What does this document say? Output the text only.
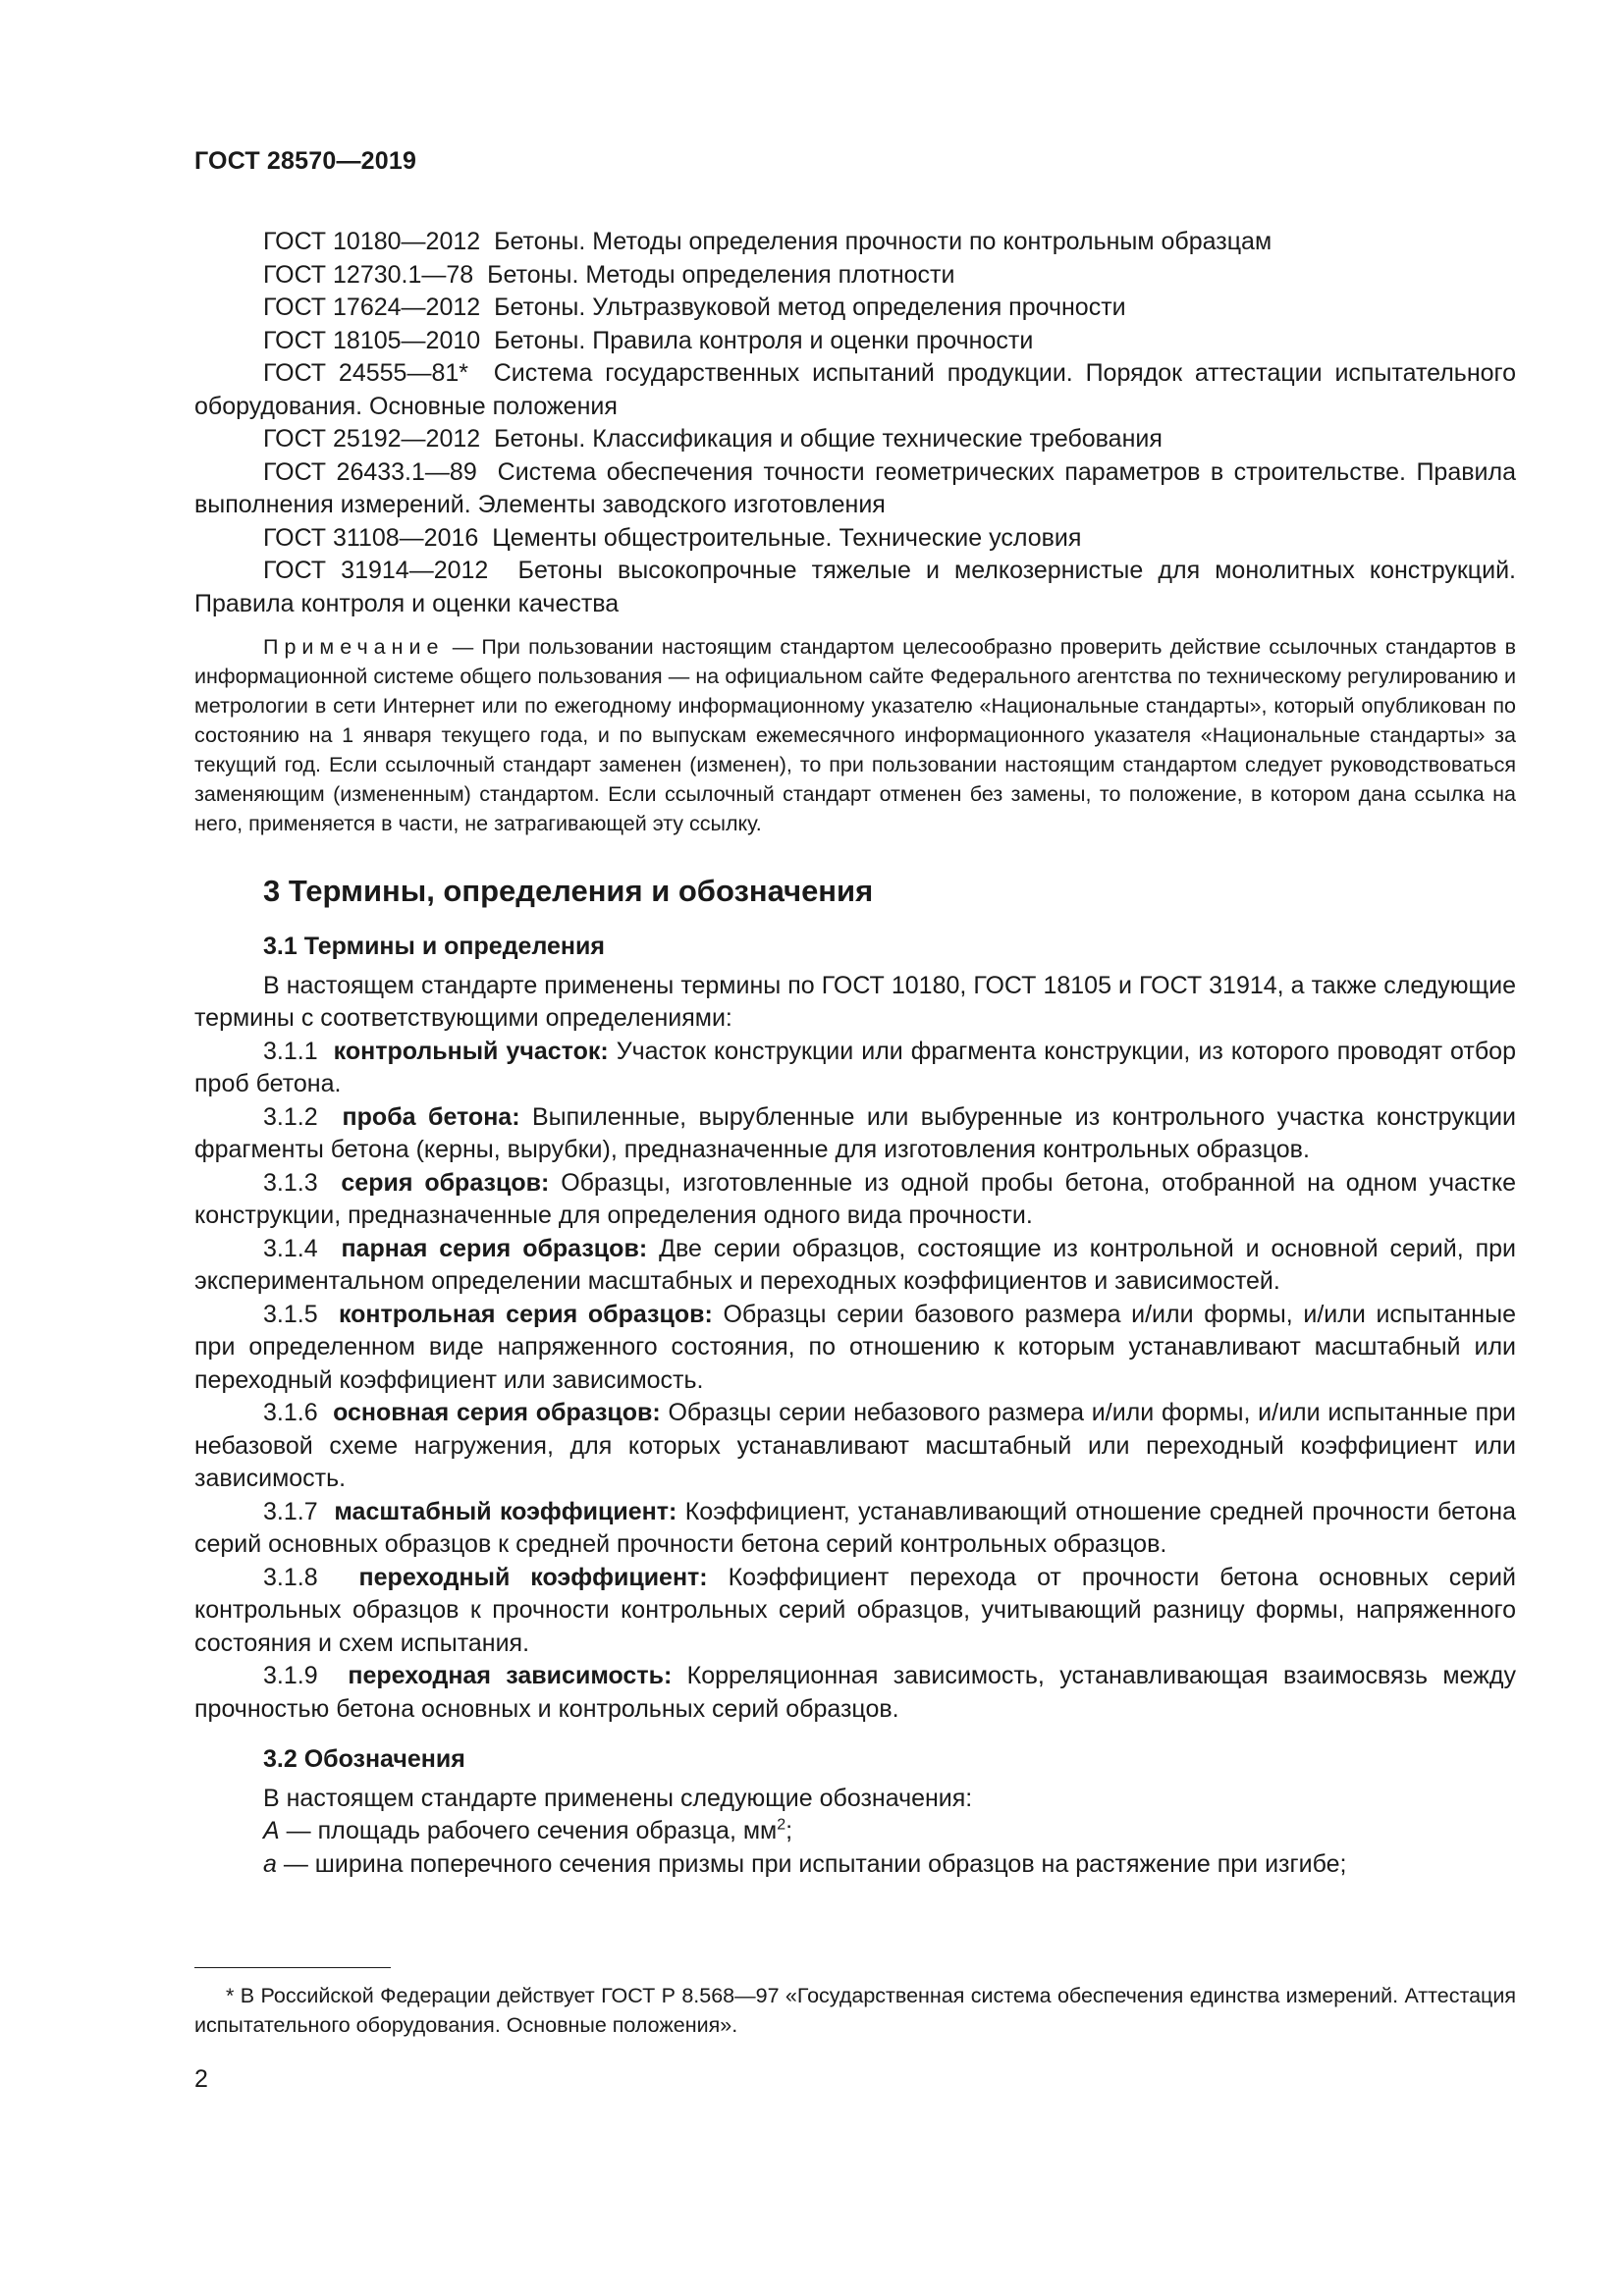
ГОСТ 28570—2019

ГОСТ 10180—2012 Бетоны. Методы определения прочности по контрольным образцам

ГОСТ 12730.1—78 Бетоны. Методы определения плотности

ГОСТ 17624—2012 Бетоны. Ультразвуковой метод определения прочности

ГОСТ 18105—2010 Бетоны. Правила контроля и оценки прочности

ГОСТ 24555—81* Система государственных испытаний продукции. Порядок аттестации испытательного оборудования. Основные положения

ГОСТ 25192—2012 Бетоны. Классификация и общие технические требования

ГОСТ 26433.1—89 Система обеспечения точности геометрических параметров в строительстве. Правила выполнения измерений. Элементы заводского изготовления

ГОСТ 31108—2016 Цементы общестроительные. Технические условия

ГОСТ 31914—2012 Бетоны высокопрочные тяжелые и мелкозернистые для монолитных конструкций. Правила контроля и оценки качества

Примечание — При пользовании настоящим стандартом целесообразно проверить действие ссылочных стандартов в информационной системе общего пользования — на официальном сайте Федерального агентства по техническому регулированию и метрологии в сети Интернет или по ежегодному информационному указателю «Национальные стандарты», который опубликован по состоянию на 1 января текущего года, и по выпускам ежемесячного информационного указателя «Национальные стандарты» за текущий год. Если ссылочный стандарт заменен (изменен), то при пользовании настоящим стандартом следует руководствоваться заменяющим (измененным) стандартом. Если ссылочный стандарт отменен без замены, то положение, в котором дана ссылка на него, применяется в части, не затрагивающей эту ссылку.

3 Термины, определения и обозначения
3.1 Термины и определения

В настоящем стандарте применены термины по ГОСТ 10180, ГОСТ 18105 и ГОСТ 31914, а также следующие термины с соответствующими определениями:

3.1.1 контрольный участок: Участок конструкции или фрагмента конструкции, из которого проводят отбор проб бетона.

3.1.2 проба бетона: Выпиленные, вырубленные или выбуренные из контрольного участка конструкции фрагменты бетона (керны, вырубки), предназначенные для изготовления контрольных образцов.

3.1.3 серия образцов: Образцы, изготовленные из одной пробы бетона, отобранной на одном участке конструкции, предназначенные для определения одного вида прочности.

3.1.4 парная серия образцов: Две серии образцов, состоящие из контрольной и основной серий, при экспериментальном определении масштабных и переходных коэффициентов и зависимостей.

3.1.5 контрольная серия образцов: Образцы серии базового размера и/или формы, и/или испытанные при определенном виде напряженного состояния, по отношению к которым устанавливают масштабный или переходный коэффициент или зависимость.

3.1.6 основная серия образцов: Образцы серии небазового размера и/или формы, и/или испытанные при небазовой схеме нагружения, для которых устанавливают масштабный или переходный коэффициент или зависимость.

3.1.7 масштабный коэффициент: Коэффициент, устанавливающий отношение средней прочности бетона серий основных образцов к средней прочности бетона серий контрольных образцов.

3.1.8 переходный коэффициент: Коэффициент перехода от прочности бетона основных серий контрольных образцов к прочности контрольных серий образцов, учитывающий разницу формы, напряженного состояния и схем испытания.

3.1.9 переходная зависимость: Корреляционная зависимость, устанавливающая взаимосвязь между прочностью бетона основных и контрольных серий образцов.

3.2 Обозначения

В настоящем стандарте применены следующие обозначения:

A — площадь рабочего сечения образца, $мм^2$;

a — ширина поперечного сечения призмы при испытании образцов на растяжение при изгибе;

* В Российской Федерации действует ГОСТ Р 8.568—97 «Государственная система обеспечения единства измерений. Аттестация испытательного оборудования. Основные положения».
2
